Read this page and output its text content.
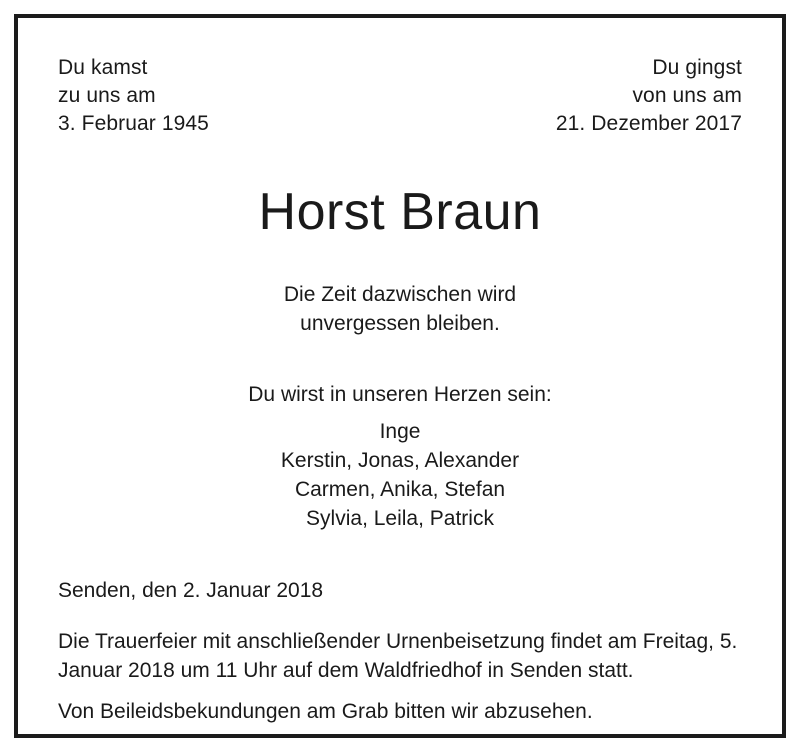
Du kamst
zu uns am
3. Februar 1945
Du gingst
von uns am
21. Dezember 2017
Horst Braun
Die Zeit dazwischen wird
unvergessen bleiben.
Du wirst in unseren Herzen sein:
Inge
Kerstin, Jonas, Alexander
Carmen, Anika, Stefan
Sylvia, Leila, Patrick
Senden, den 2. Januar 2018
Die Trauerfeier mit anschließender Urnenbeisetzung findet am Freitag, 5. Januar 2018 um 11 Uhr auf dem Waldfriedhof in Senden statt.
Von Beileidsbekundungen am Grab bitten wir abzusehen.
